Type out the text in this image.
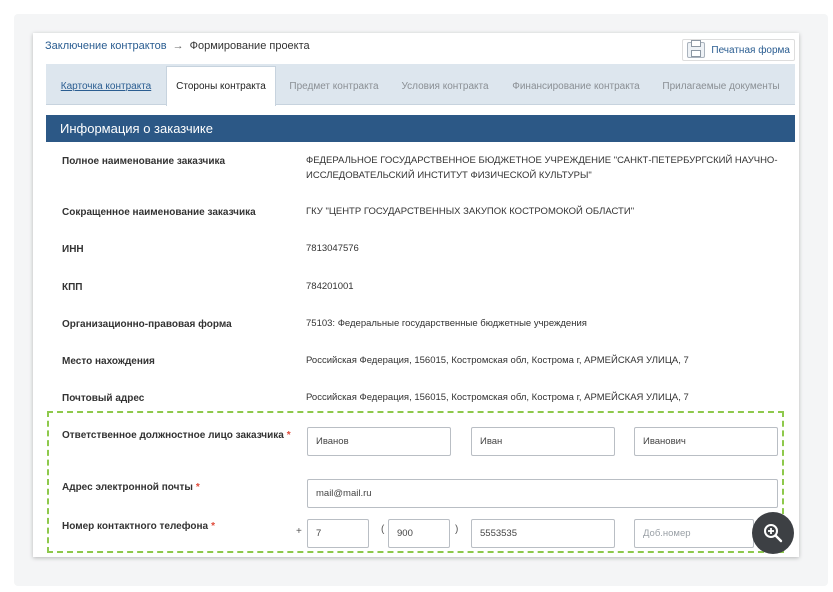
Заключение контрактов → Формирование проекта	Печатная форма
Карточка контракта	Стороны контракта	Предмет контракта	Условия контракта	Финансирование контракта	Прилагаемые документы
Информация о заказчике
Полное наименование заказчика	ФЕДЕРАЛЬНОЕ ГОСУДАРСТВЕННОЕ БЮДЖЕТНОЕ УЧРЕЖДЕНИЕ "САНКТ-ПЕТЕРБУРГСКИЙ НАУЧНО-
ИССЛЕДОВАТЕЛЬСКИЙ ИНСТИТУТ ФИЗИЧЕСКОЙ КУЛЬТУРЫ"
Сокращенное наименование заказчика	ГКУ "ЦЕНТР ГОСУДАРСТВЕННЫХ ЗАКУПОК КОСТРОМОКОЙ ОБЛАСТИ"
ИНН	7813047576
КПП	784201001
Организационно-правовая форма	75103: Федеральные государственные бюджетные учреждения
Место нахождения	Российская Федерация, 156015, Костромская обл, Кострома г, АРМЕЙСКАЯ УЛИЦА, 7
Почтовый адрес	Российская Федерация, 156015, Костромская обл, Кострома г, АРМЕЙСКАЯ УЛИЦА, 7
Ответственное должностное лицо заказчика *
Иванов	Иван	Иванович
Адрес электронной почты *
mail@mail.ru
Номер контактного телефона *	+	7	(	900	)	5553535	Доб.номер
